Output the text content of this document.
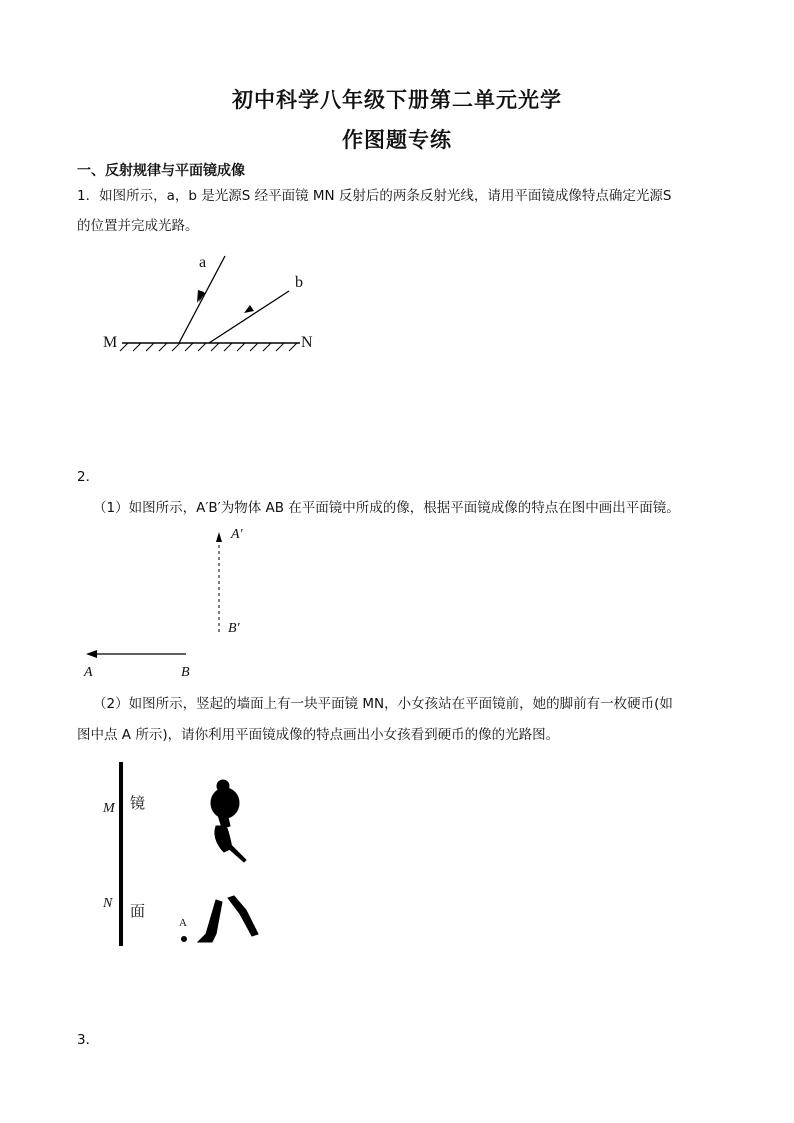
初中科学八年级下册第二单元光学
作图题专练
一、反射规律与平面镜成像
1．如图所示，a，b 是光源S 经平面镜 MN 反射后的两条反射光线，请用平面镜成像特点确定光源S
的位置并完成光路。
a
b
M	N
2．
（1）如图所示，A′B′为物体 AB 在平面镜中所成的像，根据平面镜成像的特点在图中画出平面镜。
A′
B′
A	B
（2）如图所示，竖起的墙面上有一块平面镜 MN，小女孩站在平面镜前，她的脚前有一枚硬币(如
图中点 A 所示)，请你利用平面镜成像的特点画出小女孩看到硬币的像的光路图。
M
N
镜
面
A
3．
